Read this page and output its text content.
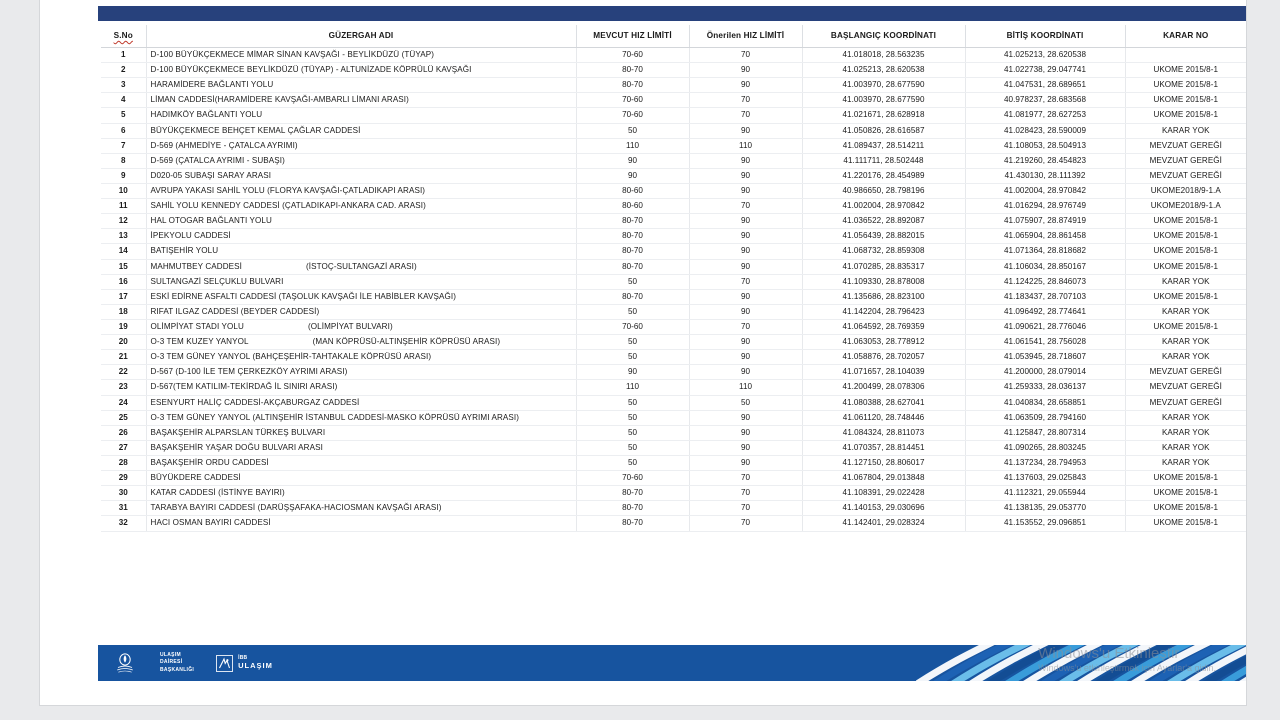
S.No	GÜZERGAH ADI	MEVCUT HIZ LİMİTİ	Önerilen HIZ LİMİTİ	BAŞLANGIÇ KOORDİNATI	BİTİŞ KOORDİNATI	KARAR NO
1	D-100 BÜYÜKÇEKMECE MİMAR SİNAN KAVŞAĞI - BEYLİKDÜZÜ (TÜYAP)	70-60	70	41.018018, 28.563235	41.025213, 28.620538	
2	D-100 BÜYÜKÇEKMECE BEYLİKDÜZÜ (TÜYAP) - ALTUNİZADE KÖPRÜLÜ KAVŞAĞI	80-70	90	41.025213, 28.620538	41.022738, 29.047741	UKOME 2015/8-1
3	HARAMİDERE BAĞLANTI YOLU	80-70	90	41.003970, 28.677590	41.047531, 28.689651	UKOME 2015/8-1
4	LİMAN CADDESİ(HARAMİDERE KAVŞAĞI-AMBARLI LİMANI ARASI)	70-60	70	41.003970, 28.677590	40.978237, 28.683568	UKOME 2015/8-1
5	HADIMKÖY BAĞLANTI YOLU	70-60	70	41.021671, 28.628918	41.081977, 28.627253	UKOME 2015/8-1
6	BÜYÜKÇEKMECE BEHÇET KEMAL ÇAĞLAR CADDESİ	50	90	41.050826, 28.616587	41.028423, 28.590009	KARAR YOK
7	D-569 (AHMEDİYE - ÇATALCA AYRIMI)	110	110	41.089437, 28.514211	41.108053, 28.504913	MEVZUAT GEREĞİ
8	D-569 (ÇATALCA AYRIMI - SUBAŞI)	90	90	41.111711, 28.502448	41.219260, 28.454823	MEVZUAT GEREĞİ
9	D020-05 SUBAŞI SARAY ARASI	90	90	41.220176, 28.454989	41.430130, 28.111392	MEVZUAT GEREĞİ
10	AVRUPA YAKASI SAHİL YOLU (FLORYA KAVŞAĞI-ÇATLADIKAPI ARASI)	80-60	90	40.986650, 28.798196	41.002004, 28.970842	UKOME2018/9-1.A
11	SAHİL YOLU KENNEDY CADDESİ (ÇATLADIKAPI-ANKARA CAD. ARASI)	80-60	70	41.002004, 28.970842	41.016294, 28.976749	UKOME2018/9-1.A
12	HAL OTOGAR BAĞLANTI YOLU	80-70	90	41.036522, 28.892087	41.075907, 28.874919	UKOME 2015/8-1
13	İPEKYOLU CADDESİ	80-70	90	41.056439, 28.882015	41.065904, 28.861458	UKOME 2015/8-1
14	BATIŞEHİR YOLU	80-70	90	41.068732, 28.859308	41.071364, 28.818682	UKOME 2015/8-1
15	MAHMUTBEY CADDESİ (İSTOÇ-SULTANGAZİ ARASI)	80-70	90	41.070285, 28.835317	41.106034, 28.850167	UKOME 2015/8-1
16	SULTANGAZİ SELÇUKLU BULVARI	50	70	41.109330, 28.878008	41.124225, 28.846073	KARAR YOK
17	ESKİ EDİRNE ASFALTI CADDESİ (TAŞOLUK KAVŞAĞI İLE HABİBLER KAVŞAĞI)	80-70	90	41.135686, 28.823100	41.183437, 28.707103	UKOME 2015/8-1
18	RIFAT ILGAZ CADDESİ (BEYDER CADDESİ)	50	90	41.142204, 28.796423	41.096492, 28.774641	KARAR YOK
19	OLİMPİYAT STADI YOLU (OLİMPİYAT BULVARI)	70-60	70	41.064592, 28.769359	41.090621, 28.776046	UKOME 2015/8-1
20	O-3 TEM KUZEY YANYOL (MAN KÖPRÜSÜ-ALTINŞEHİR KÖPRÜSÜ ARASI)	50	90	41.063053, 28.778912	41.061541, 28.756028	KARAR YOK
21	O-3 TEM GÜNEY YANYOL (BAHÇEŞEHİR-TAHTAKALE KÖPRÜSÜ ARASI)	50	90	41.058876, 28.702057	41.053945, 28.718607	KARAR YOK
22	D-567 (D-100 İLE TEM ÇERKEZKÖY AYRIMI ARASI)	90	90	41.071657, 28.104039	41.200000, 28.079014	MEVZUAT GEREĞİ
23	D-567(TEM KATILIM-TEKİRDAĞ İL SINIRI ARASI)	110	110	41.200499, 28.078306	41.259333, 28.036137	MEVZUAT GEREĞİ
24	ESENYURT HALİÇ CADDESİ-AKÇABURGAZ CADDESİ	50	50	41.080388, 28.627041	41.040834, 28.658851	MEVZUAT GEREĞİ
25	O-3 TEM GÜNEY YANYOL (ALTINŞEHİR İSTANBUL CADDESİ-MASKO KÖPRÜSÜ AYRIMI ARASI)	50	90	41.061120, 28.748446	41.063509, 28.794160	KARAR YOK
26	BAŞAKŞEHİR ALPARSLAN TÜRKEŞ BULVARI	50	90	41.084324, 28.811073	41.125847, 28.807314	KARAR YOK
27	BAŞAKŞEHİR YAŞAR DOĞU BULVARI ARASI	50	90	41.070357, 28.814451	41.090265, 28.803245	KARAR YOK
28	BAŞAKŞEHİR ORDU CADDESİ	50	90	41.127150, 28.806017	41.137234, 28.794953	KARAR YOK
29	BÜYÜKDERE CADDESİ	70-60	70	41.067804, 29.013848	41.137603, 29.025843	UKOME 2015/8-1
30	KATAR CADDESİ (İSTİNYE BAYIRI)	80-70	70	41.108391, 29.022428	41.112321, 29.055944	UKOME 2015/8-1
31	TARABYA BAYIRI CADDESİ (DARÜŞŞAFAKA-HACIOSMAN KAVŞAĞI ARASI)	80-70	70	41.140153, 29.030696	41.138135, 29.053770	UKOME 2015/8-1
32	HACI OSMAN BAYIRI CADDESİ	80-70	70	41.142401, 29.028324	41.153552, 29.096851	UKOME 2015/8-1
ULAŞIM
DAİRESİ
BAŞKANLIĞI
İBB
ULAŞIM
Windows'u Etkinleştir
Windows'u etkinleştirmek için Ayarlar'a gidin.
